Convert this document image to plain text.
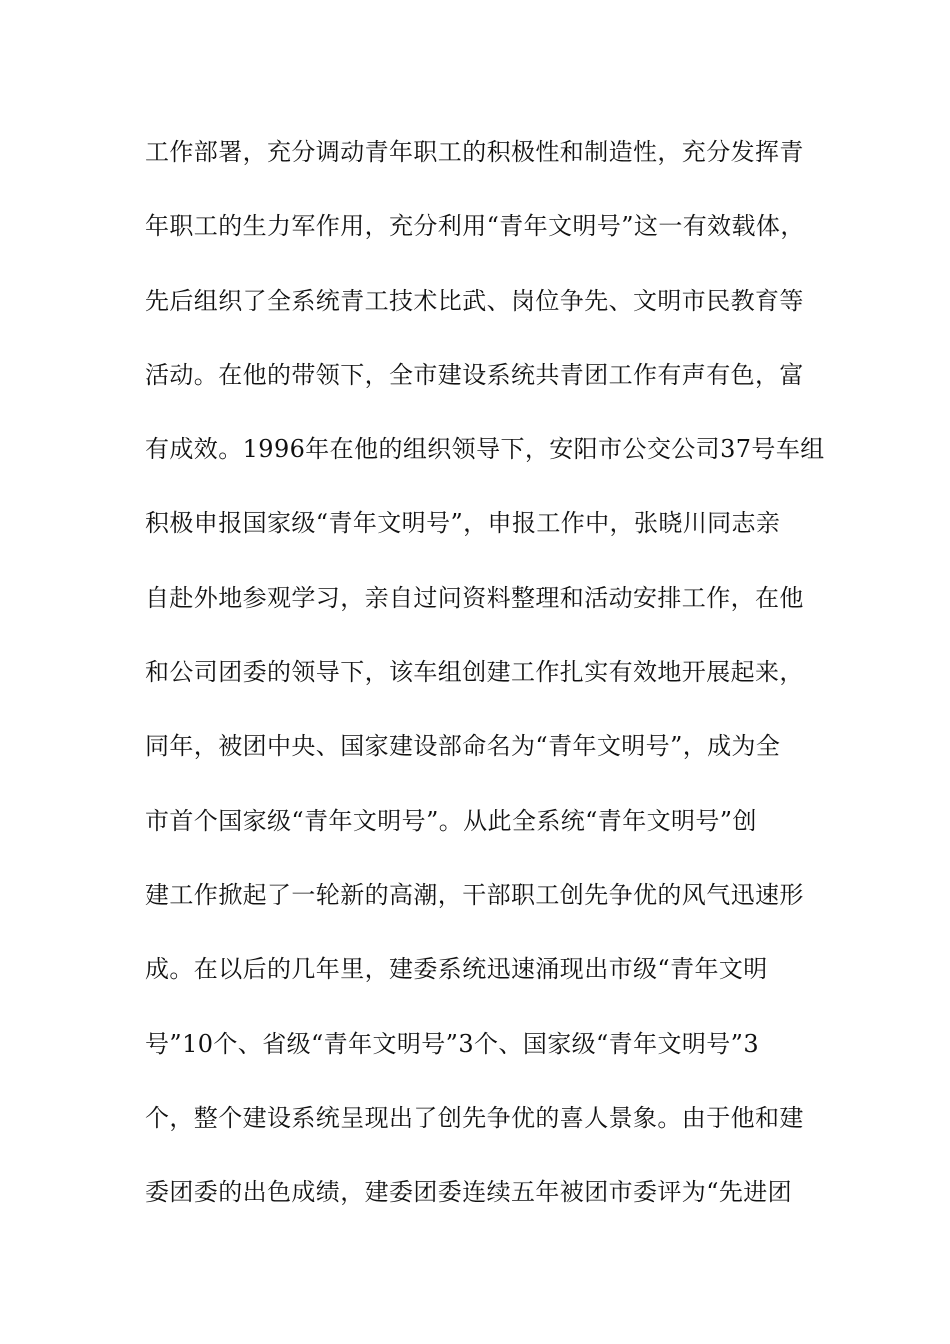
工作部署，充分调动青年职工的积极性和制造性，充分发挥青
年职工的生力军作用，充分利用“青年文明号”这一有效载体，
先后组织了全系统青工技术比武、岗位争先、文明市民教育等
活动。在他的带领下，全市建设系统共青团工作有声有色，富
有成效。1996年在他的组织领导下，安阳市公交公司37号车组
积极申报国家级“青年文明号”，申报工作中，张晓川同志亲
自赴外地参观学习，亲自过问资料整理和活动安排工作，在他
和公司团委的领导下，该车组创建工作扎实有效地开展起来，
同年，被团中央、国家建设部命名为“青年文明号”，成为全
市首个国家级“青年文明号”。从此全系统“青年文明号”创
建工作掀起了一轮新的高潮，干部职工创先争优的风气迅速形
成。在以后的几年里，建委系统迅速涌现出市级“青年文明
号”10个、省级“青年文明号”3个、国家级“青年文明号”3
个，整个建设系统呈现出了创先争优的喜人景象。由于他和建
委团委的出色成绩，建委团委连续五年被团市委评为“先进团
